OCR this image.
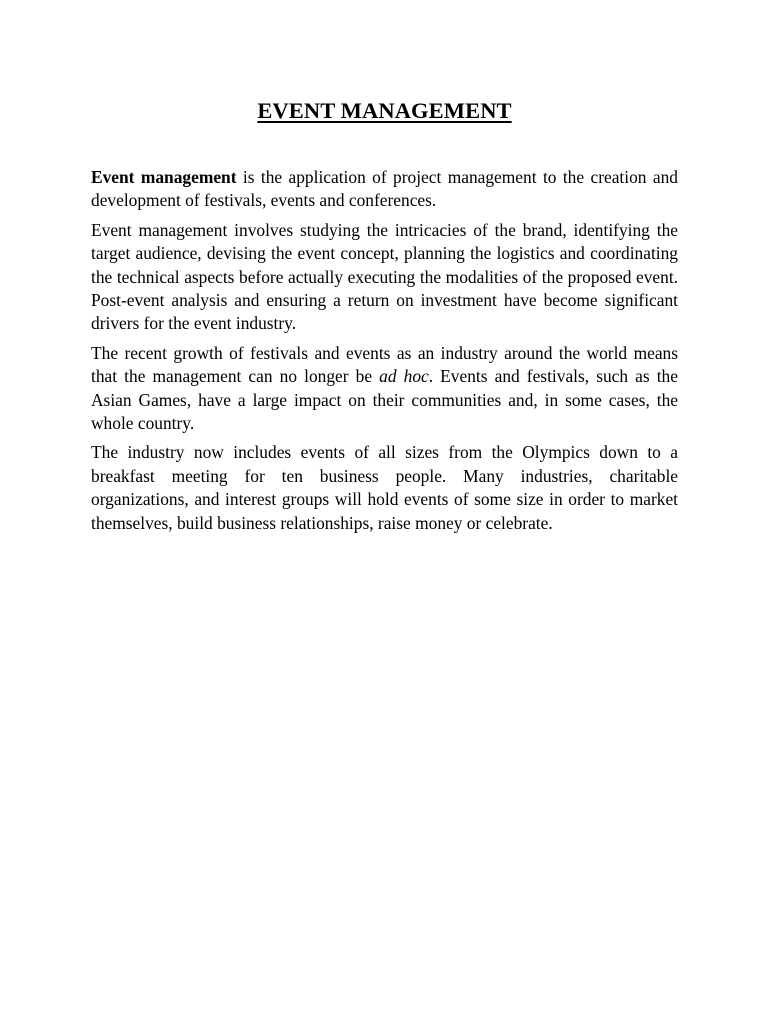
EVENT MANAGEMENT

Event management is the application of project management to the creation and development of festivals, events and conferences.

Event management involves studying the intricacies of the brand, identifying the target audience, devising the event concept, planning the logistics and coordinating the technical aspects before actually executing the modalities of the proposed event. Post-event analysis and ensuring a return on investment have become significant drivers for the event industry.

The recent growth of festivals and events as an industry around the world means that the management can no longer be ad hoc. Events and festivals, such as the Asian Games, have a large impact on their communities and, in some cases, the whole country.

The industry now includes events of all sizes from the Olympics down to a breakfast meeting for ten business people. Many industries, charitable organizations, and interest groups will hold events of some size in order to market themselves, build business relationships, raise money or celebrate.
